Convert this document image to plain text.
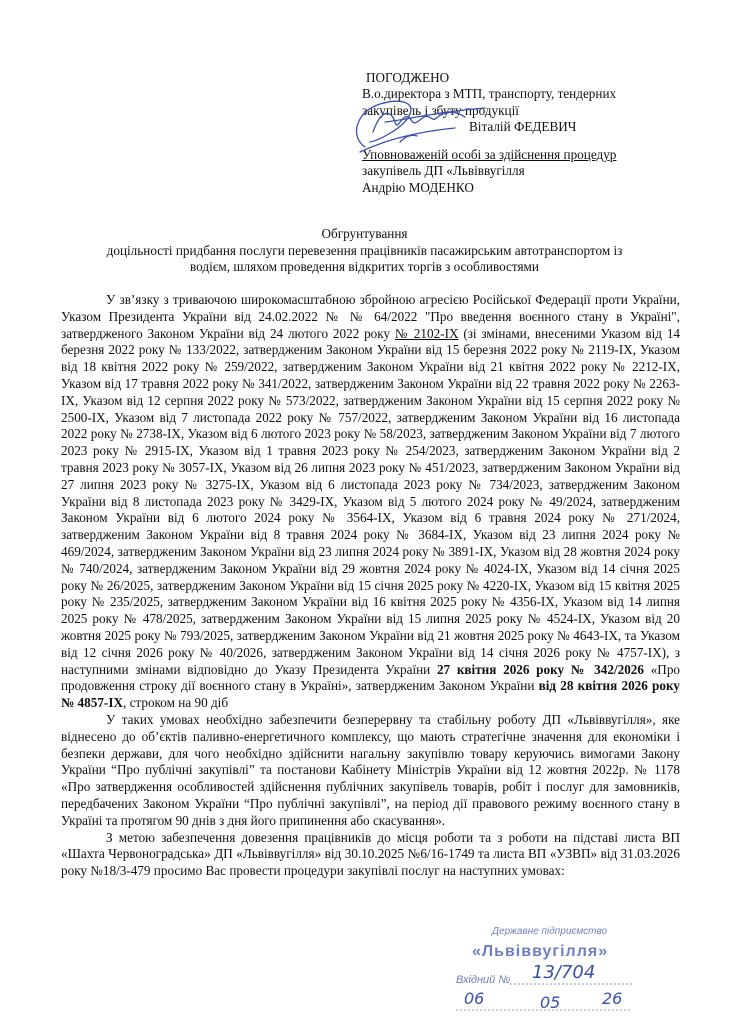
ПОГОДЖЕНО
В.о.директора з МТП, транспорту, тендерних
закупівель і збуту продукції
Віталій ФЕДЕВИЧ
Уповноваженій особі за здійснення процедур
закупівель ДП «Львіввугілля
Андрію МОДЕНКО
Обгрунтування
доцільності придбання послуги перевезення працівників пасажирським автотранспортом із
водієм, шляхом проведення відкритих торгів з особливостями

У зв’язку з триваючою широкомасштабною збройною агресією Російської Федерації проти України, Указом Президента України від 24.02.2022 № № 64/2022 "Про введення воєнного стану в Україні", затвердженого Законом України від 24 лютого 2022 року № 2102-IX (зі змінами, внесеними Указом від 14 березня 2022 року № 133/2022, затвердженим Законом України від 15 березня 2022 року № 2119-IX, Указом від 18 квітня 2022 року № 259/2022, затвердженим Законом України від 21 квітня 2022 року № 2212-IX, Указом від 17 травня 2022 року № 341/2022, затвердженим Законом України від 22 травня 2022 року № 2263-IX, Указом від 12 серпня 2022 року № 573/2022, затвердженим Законом України від 15 серпня 2022 року № 2500-IX, Указом від 7 листопада 2022 року № 757/2022, затвердженим Законом України від 16 листопада 2022 року № 2738-IX, Указом від 6 лютого 2023 року № 58/2023, затвердженим Законом України від 7 лютого 2023 року № 2915-IX, Указом від 1 травня 2023 року № 254/2023, затвердженим Законом України від 2 травня 2023 року № 3057-IX, Указом від 26 липня 2023 року № 451/2023, затвердженим Законом України від 27 липня 2023 року № 3275-IX, Указом від 6 листопада 2023 року № 734/2023, затвердженим Законом України від 8 листопада 2023 року № 3429-IX, Указом від 5 лютого 2024 року № 49/2024, затвердженим Законом України від 6 лютого 2024 року № 3564-IX, Указом від 6 травня 2024 року № 271/2024, затвердженим Законом України від 8 травня 2024 року № 3684-IX, Указом від 23 липня 2024 року № 469/2024, затвердженим Законом України від 23 липня 2024 року № 3891-IX, Указом від 28 жовтня 2024 року № 740/2024, затвердженим Законом України від 29 жовтня 2024 року № 4024-IX, Указом від 14 січня 2025 року № 26/2025, затвердженим Законом України від 15 січня 2025 року № 4220-IX, Указом від 15 квітня 2025 року № 235/2025, затвердженим Законом України від 16 квітня 2025 року № 4356-IX, Указом від 14 липня 2025 року № 478/2025, затвердженим Законом України від 15 липня 2025 року № 4524-IX, Указом від 20 жовтня 2025 року № 793/2025, затвердженим Законом України від 21 жовтня 2025 року № 4643-IX, та Указом від 12 січня 2026 року № 40/2026, затвердженим Законом України від 14 січня 2026 року № 4757-IX), з наступними змінами відповідно до Указу Президента України 27 квітня 2026 року № 342/2026 «Про продовження строку дії воєнного стану в Україні», затвердженим Законом України від 28 квітня 2026 року № 4857-IX, строком на 90 діб

У таких умовах необхідно забезпечити безперервну та стабільну роботу ДП «Львіввугілля», яке віднесено до об’єктів паливно-енергетичного комплексу, що мають стратегічне значення для економіки і безпеки держави, для чого необхідно здійснити нагальну закупівлю товару керуючись вимогами Закону України “Про публічні закупівлі” та постанови Кабінету Міністрів України від 12 жовтня 2022р. № 1178 «Про затвердження особливостей здійснення публічних закупівель товарів, робіт і послуг для замовників, передбачених Законом України “Про публічні закупівлі”, на період дії правового режиму воєнного стану в Україні та протягом 90 днів з дня його припинення або скасування».

З метою забезпечення довезення працівників до місця роботи та з роботи на підставі листа ВП «Шахта Червоноградська» ДП «Львіввугілля» від 30.10.2025 №6/16-1749 та листа ВП «УЗВП» від 31.03.2026 року №18/3-479 просимо Вас провести процедури закупівлі послуг на наступних умовах:

Державне підприємство
«Львіввугілля»
Вхідний № 13/704
06	05	26
